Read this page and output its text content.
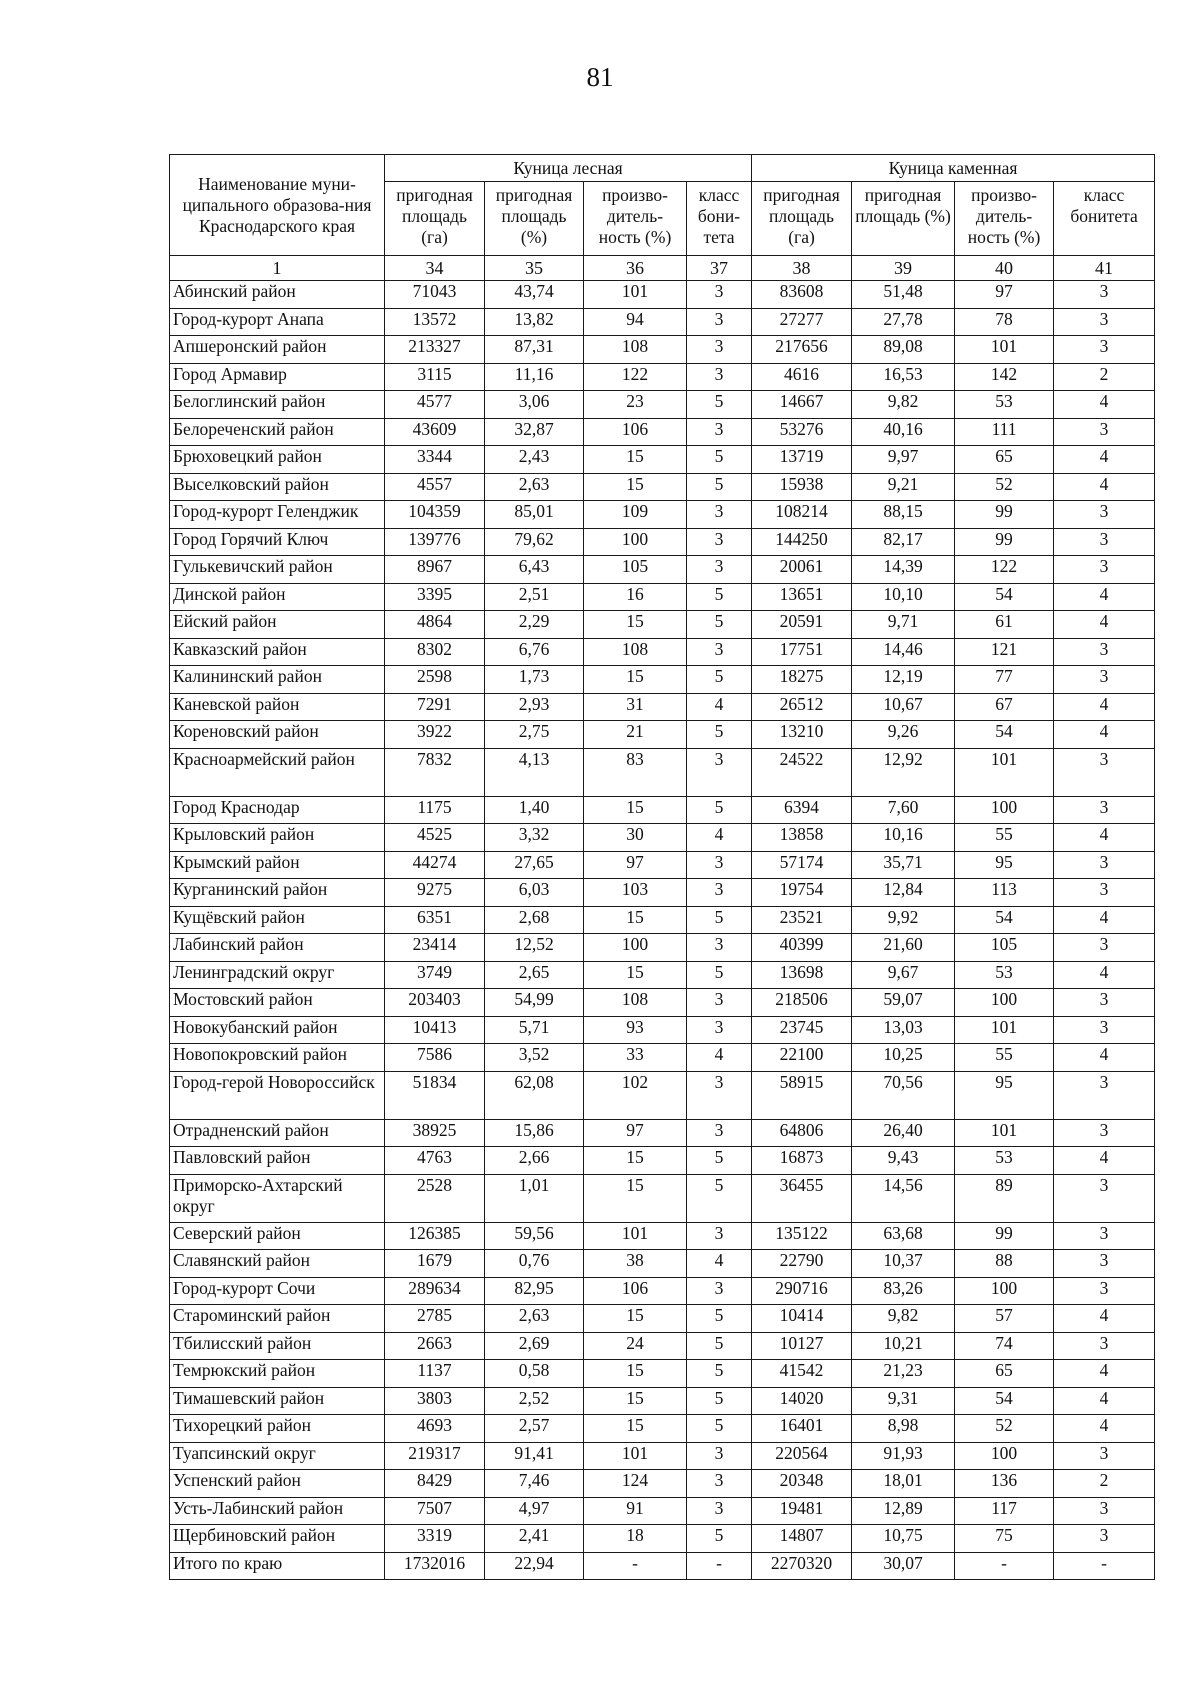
81
Наименование муни-ципального образова-ния Краснодарского края	Куница лесная				Куница каменная			
	пригодная площадь (га)	пригодная площадь (%)	произво-дитель-ность (%)	класс бони-тета	пригодная площадь (га)	пригодная площадь (%)	произво-дитель-ность (%)	класс бонитета
1	34	35	36	37	38	39	40	41
Абинский район	71043	43,74	101	3	83608	51,48	97	3
Город-курорт Анапа	13572	13,82	94	3	27277	27,78	78	3
Апшеронский район	213327	87,31	108	3	217656	89,08	101	3
Город Армавир	3115	11,16	122	3	4616	16,53	142	2
Белоглинский район	4577	3,06	23	5	14667	9,82	53	4
Белореченский район	43609	32,87	106	3	53276	40,16	111	3
Брюховецкий район	3344	2,43	15	5	13719	9,97	65	4
Выселковский район	4557	2,63	15	5	15938	9,21	52	4
Город-курорт Геленджик	104359	85,01	109	3	108214	88,15	99	3
Город Горячий Ключ	139776	79,62	100	3	144250	82,17	99	3
Гулькевичский район	8967	6,43	105	3	20061	14,39	122	3
Динской район	3395	2,51	16	5	13651	10,10	54	4
Ейский район	4864	2,29	15	5	20591	9,71	61	4
Кавказский район	8302	6,76	108	3	17751	14,46	121	3
Калининский район	2598	1,73	15	5	18275	12,19	77	3
Каневской район	7291	2,93	31	4	26512	10,67	67	4
Кореновский район	3922	2,75	21	5	13210	9,26	54	4
Красноармейский район	7832	4,13	83	3	24522	12,92	101	3
Город Краснодар	1175	1,40	15	5	6394	7,60	100	3
Крыловский район	4525	3,32	30	4	13858	10,16	55	4
Крымский район	44274	27,65	97	3	57174	35,71	95	3
Курганинский район	9275	6,03	103	3	19754	12,84	113	3
Кущёвский район	6351	2,68	15	5	23521	9,92	54	4
Лабинский район	23414	12,52	100	3	40399	21,60	105	3
Ленинградский округ	3749	2,65	15	5	13698	9,67	53	4
Мостовский район	203403	54,99	108	3	218506	59,07	100	3
Новокубанский район	10413	5,71	93	3	23745	13,03	101	3
Новопокровский район	7586	3,52	33	4	22100	10,25	55	4
Город-герой Новороссийск	51834	62,08	102	3	58915	70,56	95	3
Отрадненский район	38925	15,86	97	3	64806	26,40	101	3
Павловский район	4763	2,66	15	5	16873	9,43	53	4
Приморско-Ахтарский округ	2528	1,01	15	5	36455	14,56	89	3
Северский район	126385	59,56	101	3	135122	63,68	99	3
Славянский район	1679	0,76	38	4	22790	10,37	88	3
Город-курорт Сочи	289634	82,95	106	3	290716	83,26	100	3
Староминский район	2785	2,63	15	5	10414	9,82	57	4
Тбилисский район	2663	2,69	24	5	10127	10,21	74	3
Темрюкский район	1137	0,58	15	5	41542	21,23	65	4
Тимашевский район	3803	2,52	15	5	14020	9,31	54	4
Тихорецкий район	4693	2,57	15	5	16401	8,98	52	4
Туапсинский округ	219317	91,41	101	3	220564	91,93	100	3
Успенский район	8429	7,46	124	3	20348	18,01	136	2
Усть-Лабинский район	7507	4,97	91	3	19481	12,89	117	3
Щербиновский район	3319	2,41	18	5	14807	10,75	75	3
Итого по краю	1732016	22,94	-	-	2270320	30,07	-	-
